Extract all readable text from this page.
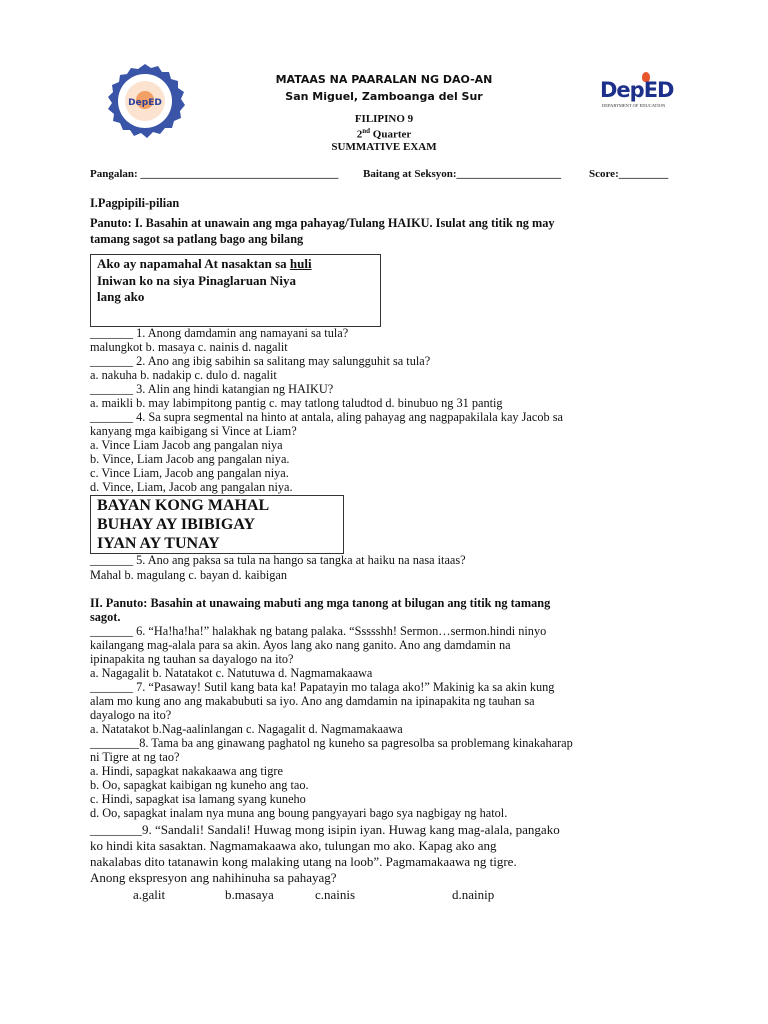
DepED
DepED
DEPARTMENT OF EDUCATION
MATAAS NA PAARALAN NG DAO-AN
San Miguel, Zamboanga del Sur
FILIPINO 9
2nd Quarter
SUMMATIVE EXAM
Pangalan: ____________________________________ Baitang at Seksyon:___________________	Score:_________
I.Pagpipili-pilian
Panuto: I. Basahin at unawain ang mga pahayag/Tulang HAIKU. Isulat ang titik ng may
tamang sagot sa patlang bago ang bilang
Ako ay napamahal At nasaktan sa huli
Iniwan ko na siya Pinaglaruan Niya
lang ako
_______ 1. Anong damdamin ang namayani sa tula?
malungkot b. masaya c. nainis d. nagalit
_______ 2. Ano ang ibig sabihin sa salitang may salungguhit sa tula?
a. nakuha b. nadakip c. dulo d. nagalit
_______ 3. Alin ang hindi katangian ng HAIKU?
a. maikli b. may labimpitong pantig c. may tatlong taludtod d. binubuo ng 31 pantig
_______ 4. Sa supra segmental na hinto at antala, aling pahayag ang nagpapakilala kay Jacob sa
kanyang mga kaibigang si Vince at Liam?
a. Vince Liam Jacob ang pangalan niya
b. Vince, Liam Jacob ang pangalan niya.
c. Vince Liam, Jacob ang pangalan niya.
d. Vince, Liam, Jacob ang pangalan niya.
BAYAN KONG MAHAL
BUHAY AY IBIBIGAY
IYAN AY TUNAY
_______ 5. Ano ang paksa sa tula na hango sa tangka at haiku na nasa itaas?
Mahal b. magulang c. bayan d. kaibigan
II. Panuto: Basahin at unawaing mabuti ang mga tanong at bilugan ang titik ng tamang
sagot.
_______ 6. “Ha!ha!ha!” halakhak ng batang palaka. “Ssssshh! Sermon…sermon.hindi ninyo
kailangang mag-alala para sa akin. Ayos lang ako nang ganito. Ano ang damdamin na
ipinapakita ng tauhan sa dayalogo na ito?
a. Nagagalit b. Natatakot c. Natutuwa d. Nagmamakaawa
_______ 7. “Pasaway! Sutil kang bata ka! Papatayin mo talaga ako!” Makinig ka sa akin kung
alam mo kung ano ang makabubuti sa iyo. Ano ang damdamin na ipinapakita ng tauhan sa
dayalogo na ito?
a. Natatakot b.Nag-aalinlangan c. Nagagalit d. Nagmamakaawa
________8. Tama ba ang ginawang paghatol ng kuneho sa pagresolba sa problemang kinakaharap
ni Tigre at ng tao?
a. Hindi, sapagkat nakakaawa ang tigre
b. Oo, sapagkat kaibigan ng kuneho ang tao.
c. Hindi, sapagkat isa lamang syang kuneho
d. Oo, sapagkat inalam nya muna ang boung pangyayari bago sya nagbigay ng hatol.
________9. “Sandali! Sandali! Huwag mong isipin iyan. Huwag kang mag-alala, pangako
ko hindi kita sasaktan. Nagmamakaawa ako, tulungan mo ako. Kapag ako ang
nakalabas dito tatanawin kong malaking utang na loob”. Pagmamakaawa ng tigre.
Anong ekspresyon ang nahihinuha sa pahayag?
a.galit	b.masaya	c.nainis	d.nainip
